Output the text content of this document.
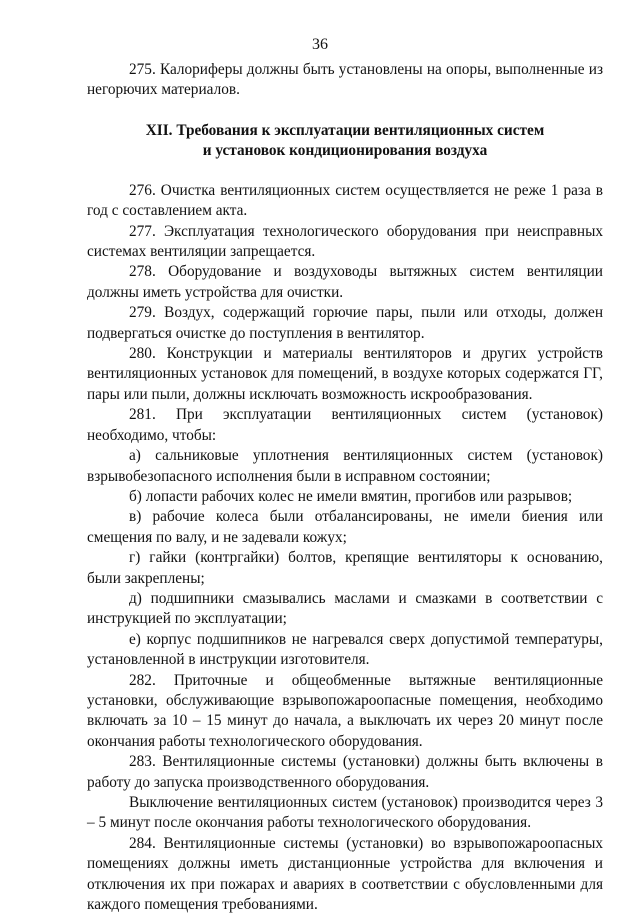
36

275. Калориферы должны быть установлены на опоры, выполненные из негорючих материалов.

XII. Требования к эксплуатации вентиляционных систем
и установок кондиционирования воздуха

276. Очистка вентиляционных систем осуществляется не реже 1 раза в год с составлением акта.

277. Эксплуатация технологического оборудования при неисправных системах вентиляции запрещается.

278. Оборудование и воздуховоды вытяжных систем вентиляции должны иметь устройства для очистки.

279. Воздух, содержащий горючие пары, пыли или отходы, должен подвергаться очистке до поступления в вентилятор.

280. Конструкции и материалы вентиляторов и других устройств вентиляционных установок для помещений, в воздухе которых содержатся ГГ, пары или пыли, должны исключать возможность искрообразования.

281. При эксплуатации вентиляционных систем (установок) необходимо, чтобы:

а) сальниковые уплотнения вентиляционных систем (установок) взрывобезопасного исполнения были в исправном состоянии;

б) лопасти рабочих колес не имели вмятин, прогибов или разрывов;

в) рабочие колеса были отбалансированы, не имели биения или смещения по валу, и не задевали кожух;

г) гайки (контргайки) болтов, крепящие вентиляторы к основанию, были закреплены;

д) подшипники смазывались маслами и смазками в соответствии с инструкцией по эксплуатации;

е) корпус подшипников не нагревался сверх допустимой температуры, установленной в инструкции изготовителя.

282. Приточные и общеобменные вытяжные вентиляционные установки, обслуживающие взрывопожароопасные помещения, необходимо включать за 10 – 15 минут до начала, а выключать их через 20 минут после окончания работы технологического оборудования.

283. Вентиляционные системы (установки) должны быть включены в работу до запуска производственного оборудования.

Выключение вентиляционных систем (установок) производится через 3 – 5 минут после окончания работы технологического оборудования.

284. Вентиляционные системы (установки) во взрывопожароопасных помещениях должны иметь дистанционные устройства для включения и отключения их при пожарах и авариях в соответствии с обусловленными для каждого помещения требованиями.
